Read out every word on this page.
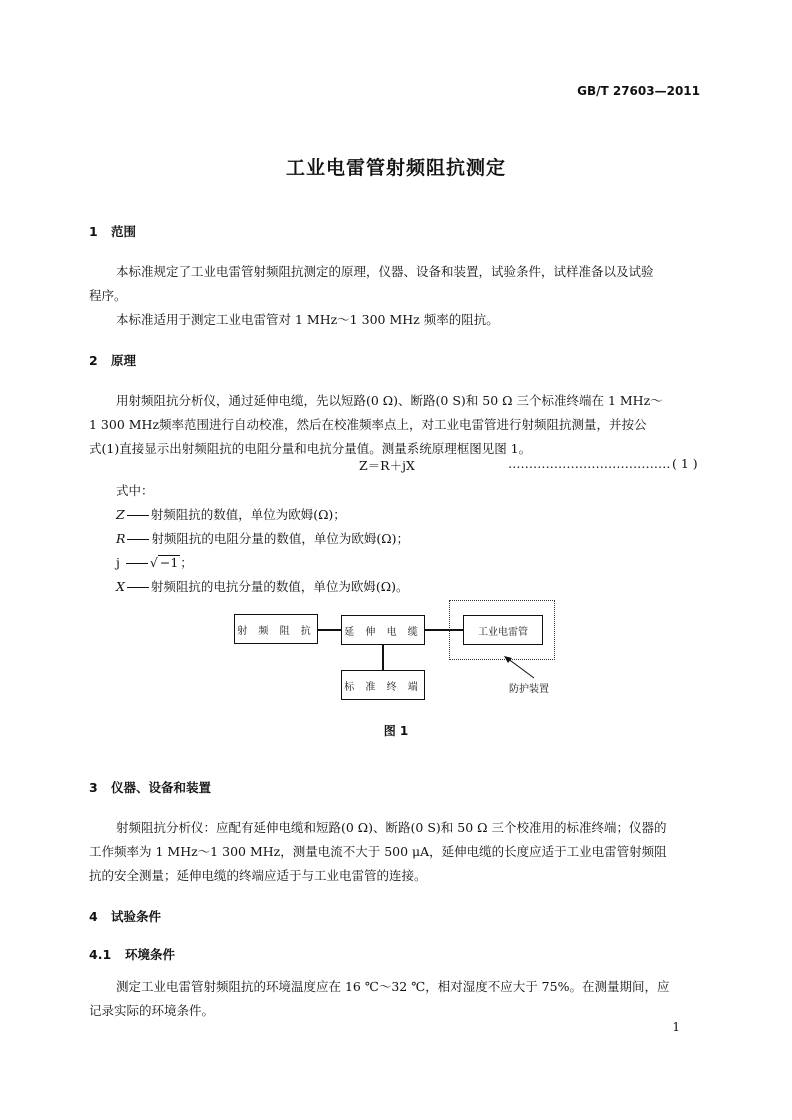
GB/T 27603—2011
工业电雷管射频阻抗测定
1 范围
本标准规定了工业电雷管射频阻抗测定的原理，仪器、设备和装置，试验条件，试样准备以及试验
程序。
本标准适用于测定工业电雷管对 1 MHz～1 300 MHz 频率的阻抗。
2 原理
用射频阻抗分析仪，通过延伸电缆，先以短路(0 Ω)、断路(0 S)和 50 Ω 三个标准终端在 1 MHz～
1 300 MHz频率范围进行自动校准，然后在校准频率点上，对工业电雷管进行射频阻抗测量，并按公
式(1)直接显示出射频阻抗的电阻分量和电抗分量值。测量系统原理框图见图 1。
Z＝R＋jX	………………………………… ( 1 )
式中：
Z 射频阻抗的数值，单位为欧姆(Ω)；
R 射频阻抗的电阻分量的数值，单位为欧姆(Ω)；
j √ −1 ；
X 射频阻抗的电抗分量的数值，单位为欧姆(Ω)。
射 频 阻 抗	延 伸 电 缆	工业电雷管
标 准 终 端	防护装置
图 1
3 仪器、设备和装置
射频阻抗分析仪：应配有延伸电缆和短路(0 Ω)、断路(0 S)和 50 Ω 三个校准用的标准终端；仪器的
工作频率为 1 MHz～1 300 MHz，测量电流不大于 500 μA，延伸电缆的长度应适于工业电雷管射频阻
抗的安全测量；延伸电缆的终端应适于与工业电雷管的连接。
4 试验条件
4.1 环境条件
测定工业电雷管射频阻抗的环境温度应在 16 ℃～32 ℃，相对湿度不应大于 75%。在测量期间，应
记录实际的环境条件。
1
